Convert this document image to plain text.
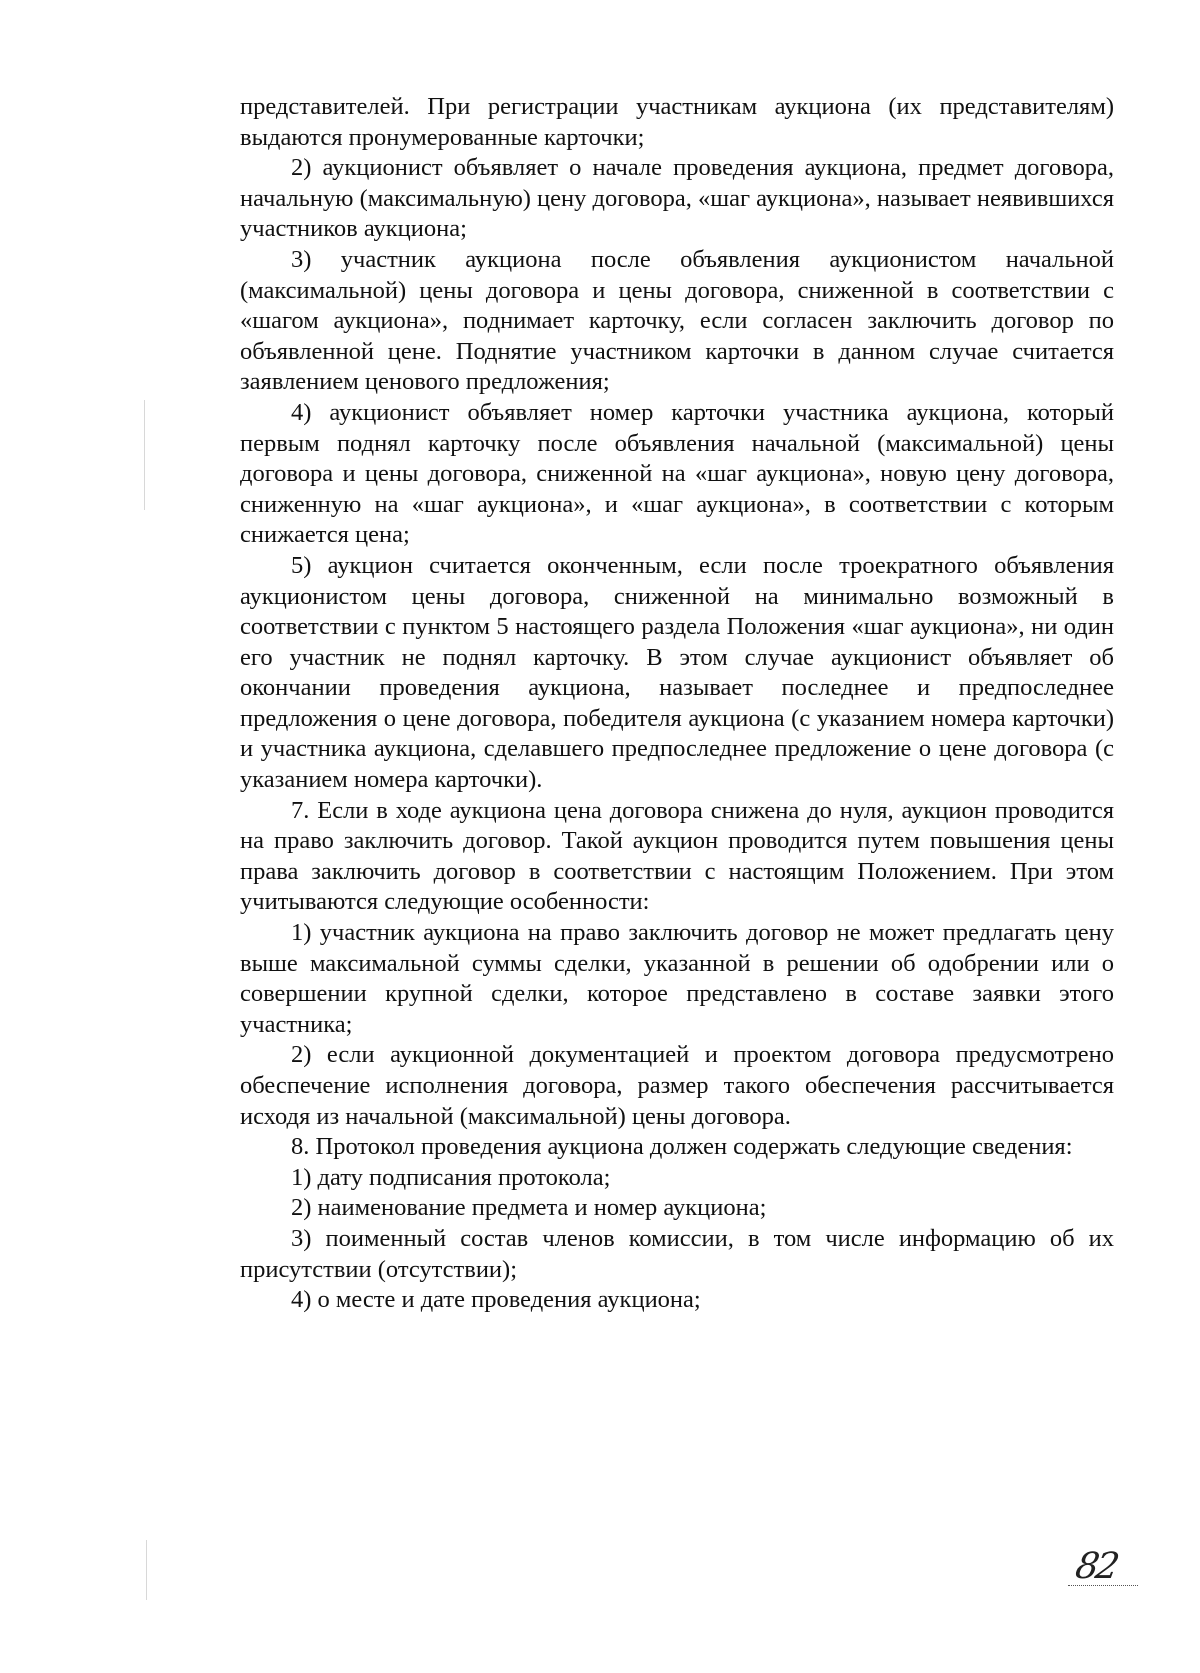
представителей. При регистрации участникам аукциона (их представителям) выдаются пронумерованные карточки;

2) аукционист объявляет о начале проведения аукциона, предмет договора, начальную (максимальную) цену договора, «шаг аукциона», называет неявившихся участников аукциона;

3) участник аукциона после объявления аукционистом начальной (максимальной) цены договора и цены договора, сниженной в соответствии с «шагом аукциона», поднимает карточку, если согласен заключить договор по объявленной цене. Поднятие участником карточки в данном случае считается заявлением ценового предложения;

4) аукционист объявляет номер карточки участника аукциона, который первым поднял карточку после объявления начальной (максимальной) цены договора и цены договора, сниженной на «шаг аукциона», новую цену договора, сниженную на «шаг аукциона», и «шаг аукциона», в соответствии с которым снижается цена;

5) аукцион считается оконченным, если после троекратного объявления аукционистом цены договора, сниженной на минимально возможный в соответствии с пунктом 5 настоящего раздела Положения «шаг аукциона», ни один его участник не поднял карточку. В этом случае аукционист объявляет об окончании проведения аукциона, называет последнее и предпоследнее предложения о цене договора, победителя аукциона (с указанием номера карточки) и участника аукциона, сделавшего предпоследнее предложение о цене договора (с указанием номера карточки).

7. Если в ходе аукциона цена договора снижена до нуля, аукцион проводится на право заключить договор. Такой аукцион проводится путем повышения цены права заключить договор в соответствии с настоящим Положением. При этом учитываются следующие особенности:

1) участник аукциона на право заключить договор не может предлагать цену выше максимальной суммы сделки, указанной в решении об одобрении или о совершении крупной сделки, которое представлено в составе заявки этого участника;

2) если аукционной документацией и проектом договора предусмотрено обеспечение исполнения договора, размер такого обеспечения рассчитывается исходя из начальной (максимальной) цены договора.

8. Протокол проведения аукциона должен содержать следующие сведения:

1) дату подписания протокола;

2) наименование предмета и номер аукциона;

3) поименный состав членов комиссии, в том числе информацию об их присутствии (отсутствии);

4) о месте и дате проведения аукциона;

82
